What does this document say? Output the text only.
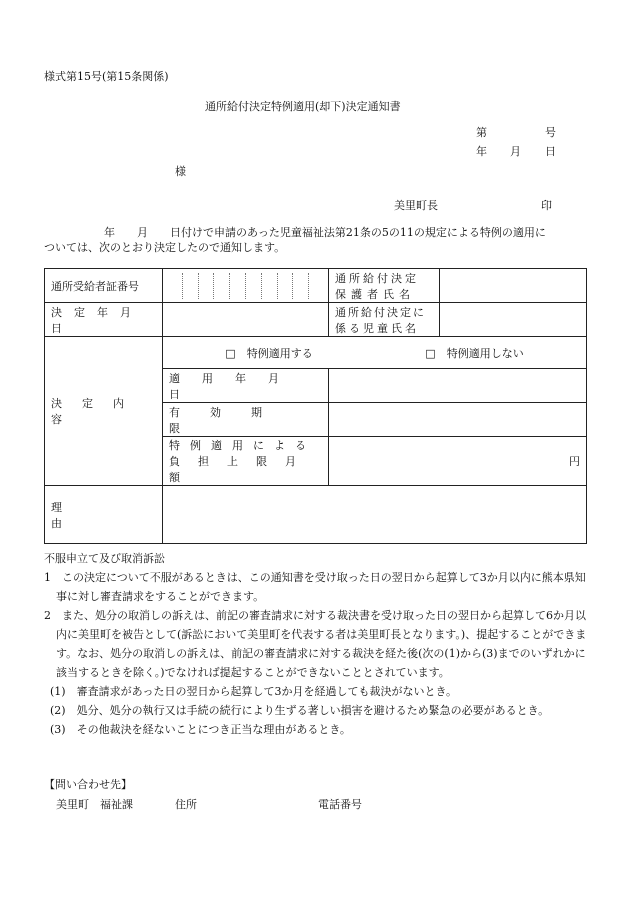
様式第15号(第15条関係)
通所給付決定特例適用(却下)決定通知書
第	号
年 月 日
様
美里町長	印
年　　月　　日付けで申請のあった児童福祉法第21条の5の11の規定による特例の適用に
ついては、次のとおり決定したので通知します。
通所受給者証番号		通所給付決定
保護者氏名	

決定年月日		通所給付決定に
係る児童氏名	

決定内容	□　特例適用する □　特例適用しない		

	適用年月日		
	有効期限		

	特例適用による
負担上限月額	円	
理由			

不服申立て及び取消訴訟

1　この決定について不服があるときは、この通知書を受け取った日の翌日から起算して3か月以内に熊本県知事に対し審査請求をすることができます。

2　また、処分の取消しの訴えは、前記の審査請求に対する裁決書を受け取った日の翌日から起算して6か月以内に美里町を被告として(訴訟において美里町を代表する者は美里町長となります。)、提起することができます。なお、処分の取消しの訴えは、前記の審査請求に対する裁決を経た後(次の(1)から(3)までのいずれかに該当するときを除く。)でなければ提起することができないこととされています。

(1)　審査請求があった日の翌日から起算して3か月を経過しても裁決がないとき。

(2)　処分、処分の執行又は手続の続行により生ずる著しい損害を避けるため緊急の必要があるとき。

(3)　その他裁決を経ないことにつき正当な理由があるとき。

【問い合わせ先】
美里町　福祉課	住所	電話番号
